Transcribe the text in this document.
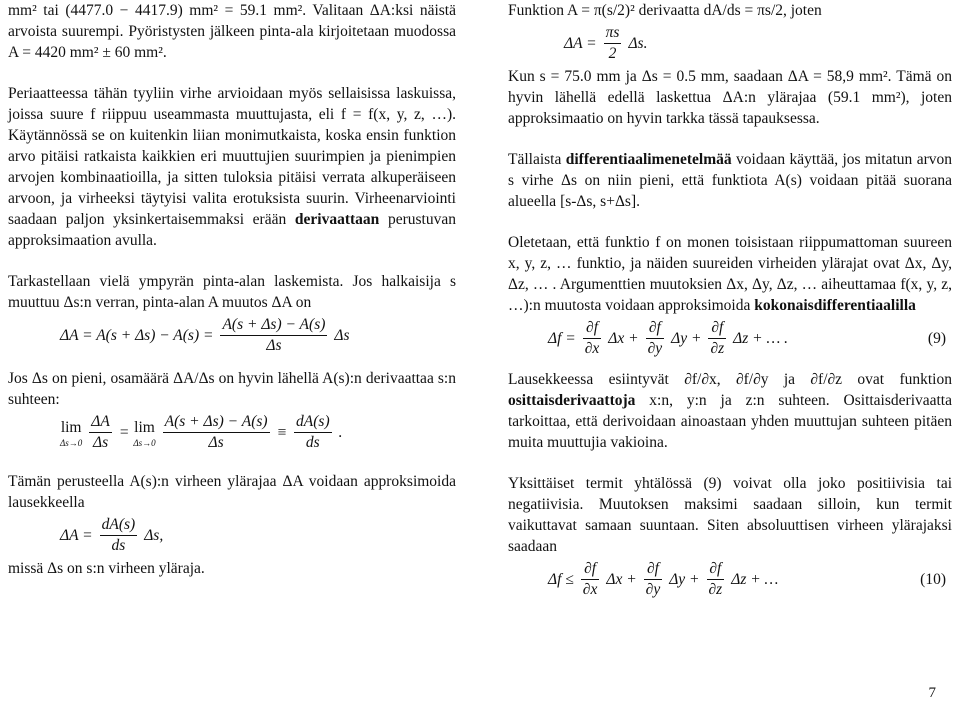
mm² tai (4477.0 − 4417.9) mm² = 59.1 mm². Valitaan ΔA:ksi näistä arvoista suurempi. Pyöristysten jälkeen pinta-ala kirjoitetaan muodossa A = 4420 mm² ± 60 mm².

Periaatteessa tähän tyyliin virhe arvioidaan myös sellaisissa laskuissa, joissa suure f riippuu useammasta muuttujasta, eli f = f(x, y, z, …). Käytännössä se on kuitenkin liian monimutkaista, koska ensin funktion arvo pitäisi ratkaista kaikkien eri muuttujien suurimpien ja pienimpien arvojen kombinaatioilla, ja sitten tuloksia pitäisi verrata alkuperäiseen arvoon, ja virheeksi täytyisi valita erotuksista suurin. Virheenarviointi saadaan paljon yksinkertaisemmaksi erään derivaattaan perustuvan approksimaation avulla.

Tarkastellaan vielä ympyrän pinta-alan laskemista. Jos halkaisija s muuttuu Δs:n verran, pinta-alan A muutos ΔA on

$\Delta A = A(s + \Delta s) - A(s) = \frac{A(s + \Delta s) - A(s)}{\Delta s}$ Δs

Jos Δs on pieni, osamäärä ΔA/Δs on hyvin lähellä A(s):n derivaattaa s:n suhteen:

lim
$\Delta s\to 0 \frac{\Delta A}{\Delta s} = \lim$
$\Delta s\to 0 \frac{A(s + \Delta s) - A(s)}{\Delta s} \equiv \frac{dA(s)}{ds}$ .

Tämän perusteella A(s):n virheen ylärajaa ΔA voidaan approksimoida lausekkeella

$\Delta A = \frac{dA(s)}{ds} \Delta s$,

missä Δs on s:n virheen yläraja.

Funktion A = π(s/2)² derivaatta dA/ds = πs/2, joten

$\Delta A = \frac{\pi s}{2} \Delta s$.

Kun s = 75.0 mm ja Δs = 0.5 mm, saadaan ΔA = 58,9 mm². Tämä on hyvin lähellä edellä laskettua ΔA:n ylärajaa (59.1 mm²), joten approksimaatio on hyvin tarkka tässä tapauksessa.

Tällaista differentiaalimenetelmää voidaan käyttää, jos mitatun arvon s virhe Δs on niin pieni, että funktiota A(s) voidaan pitää suorana alueella [s-Δs, s+Δs].

Oletetaan, että funktio f on monen toisistaan riippumattoman suureen x, y, z, … funktio, ja näiden suureiden virheiden ylärajat ovat Δx, Δy, Δz, … . Argumenttien muutoksien Δx, Δy, Δz, … aiheuttamaa f(x, y, z, …):n muutosta voidaan approksimoida kokonaisdifferentiaalilla

$\Delta f = \frac{\partial f}{\partial x}$ $\Delta x + \frac{\partial f}{\partial y}$ $\Delta y + \frac{\partial f}{\partial z}$ Δz + … .	(9)

Lausekkeessa esiintyvät ∂f/∂x, ∂f/∂y ja ∂f/∂z ovat funktion osittaisderivaattoja x:n, y:n ja z:n suhteen. Osittaisderivaatta tarkoittaa, että derivoidaan ainoastaan yhden muuttujan suhteen pitäen muita muuttujia vakioina.

Yksittäiset termit yhtälössä (9) voivat olla joko positiivisia tai negatiivisia. Muutoksen maksimi saadaan silloin, kun termit vaikuttavat samaan suuntaan. Siten absoluuttisen virheen ylärajaksi saadaan

$\Delta f \le \frac{\partial f}{\partial x}$ $\Delta x + \frac{\partial f}{\partial y}$ $\Delta y + \frac{\partial f}{\partial z}$ Δz + …	(10)
7
